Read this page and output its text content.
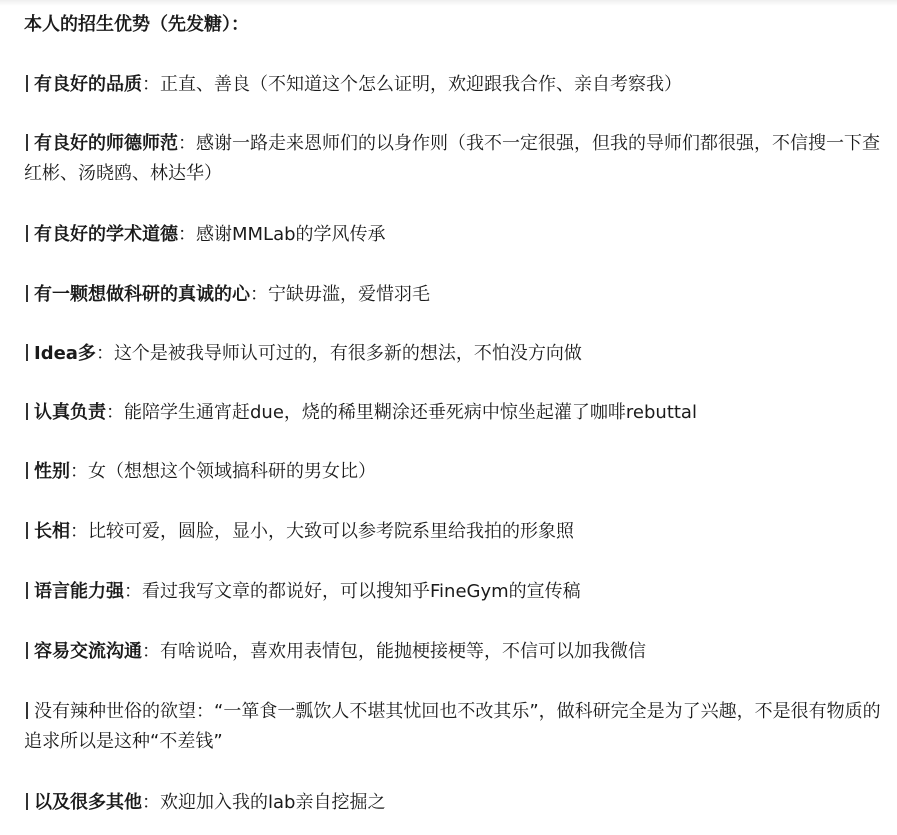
本人的招生优势（先发糖）：
有良好的品质：正直、善良（不知道这个怎么证明，欢迎跟我合作、亲自考察我）
有良好的师德师范：感谢一路走来恩师们的以身作则（我不一定很强，但我的导师们都很强，不信搜一下查红彬、汤晓鸥、林达华）
有良好的学术道德：感谢MMLab的学风传承
有一颗想做科研的真诚的心：宁缺毋滥，爱惜羽毛
Idea多：这个是被我导师认可过的，有很多新的想法，不怕没方向做
认真负责：能陪学生通宵赶due，烧的稀里糊涂还垂死病中惊坐起灌了咖啡rebuttal
性别：女（想想这个领域搞科研的男女比）
长相：比较可爱，圆脸，显小，大致可以参考院系里给我拍的形象照
语言能力强：看过我写文章的都说好，可以搜知乎FineGym的宣传稿
容易交流沟通：有啥说哈，喜欢用表情包，能抛梗接梗等，不信可以加我微信
没有辣种世俗的欲望：“一箪食一瓢饮人不堪其忧回也不改其乐”，做科研完全是为了兴趣，不是很有物质的追求所以是这种“不差钱”
以及很多其他：欢迎加入我的lab亲自挖掘之
